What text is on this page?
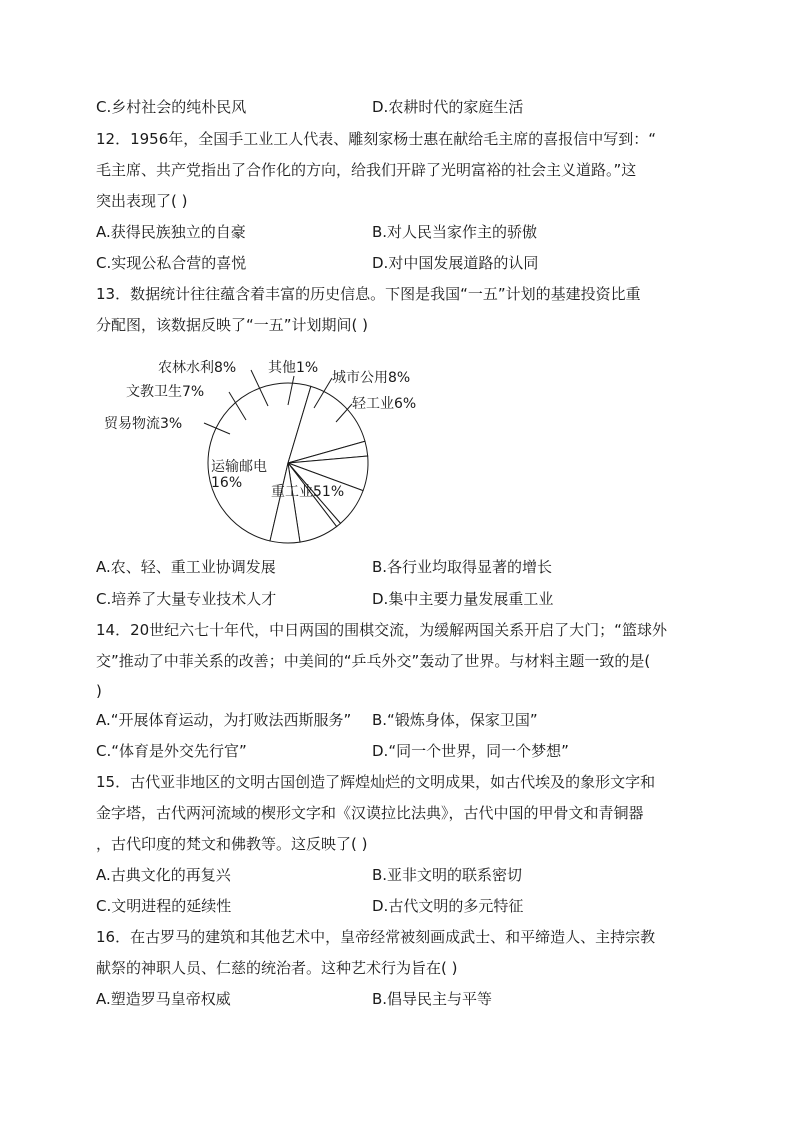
C.乡村社会的纯朴民风	D.农耕时代的家庭生活
12．1956年，全国手工业工人代表、雕刻家杨士惠在献给毛主席的喜报信中写到：“
毛主席、共产党指出了合作化的方向，给我们开辟了光明富裕的社会主义道路。”这
突出表现了( )
A.获得民族独立的自豪	B.对人民当家作主的骄傲
C.实现公私合营的喜悦	D.对中国发展道路的认同
13．数据统计往往蕴含着丰富的历史信息。下图是我国“一五”计划的基建投资比重
分配图，该数据反映了“一五”计划期间( )
重工业51%
运输邮电
16%
贸易物流3%
文教卫生7%
农林水利8% 其他1%
城市公用8%
轻工业6%
A.农、轻、重工业协调发展	B.各行业均取得显著的增长
C.培养了大量专业技术人才	D.集中主要力量发展重工业
14．20世纪六七十年代，中日两国的围棋交流，为缓解两国关系开启了大门；“篮球外
交”推动了中菲关系的改善；中美间的“乒乓外交”轰动了世界。与材料主题一致的是(
)
A.“开展体育运动，为打败法西斯服务” B.“锻炼身体，保家卫国”
C.“体育是外交先行官”	D.“同一个世界，同一个梦想”
15．古代亚非地区的文明古国创造了辉煌灿烂的文明成果，如古代埃及的象形文字和
金字塔，古代两河流域的楔形文字和《汉谟拉比法典》，古代中国的甲骨文和青铜器
，古代印度的梵文和佛教等。这反映了( )
A.古典文化的再复兴	B.亚非文明的联系密切
C.文明进程的延续性	D.古代文明的多元特征
16．在古罗马的建筑和其他艺术中，皇帝经常被刻画成武士、和平缔造人、主持宗教
献祭的神职人员、仁慈的统治者。这种艺术行为旨在( )
A.塑造罗马皇帝权威	B.倡导民主与平等
